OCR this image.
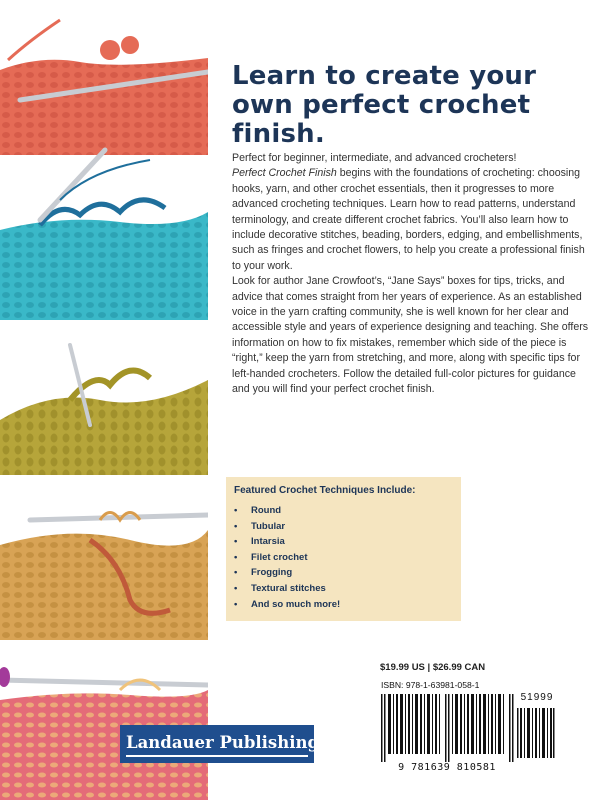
Learn to create your own perfect crochet finish.

Perfect for beginner, intermediate, and advanced crocheters!
Perfect Crochet Finish begins with the foundations of crocheting: choosing hooks, yarn, and other crochet essentials, then it progresses to more advanced crocheting techniques. Learn how to read patterns, understand terminology, and create different crochet fabrics. You’ll also learn how to include decorative stitches, beading, borders, edging, and embellishments, such as fringes and crochet flowers, to help you create a professional finish to your work.

Look for author Jane Crowfoot’s, “Jane Says” boxes for tips, tricks, and advice that comes straight from her years of experience. As an established voice in the yarn crafting community, she is well known for her clear and accessible style and years of experience designing and teaching. She offers information on how to fix mistakes, remember which side of the piece is “right,” keep the yarn from stretching, and more, along with specific tips for left-handed crocheters. Follow the detailed full-color pictures for guidance and you will find your perfect crochet finish.

Featured Crochet Techniques Include:

• Round
• Tubular
• Intarsia
• Filet crochet
• Frogging
• Textural stitches
• And so much more!
$19.99 US | $26.99 CAN
ISBN: 978-1-63981-058-1
51999
9 781639 810581
Landauer Publishing
